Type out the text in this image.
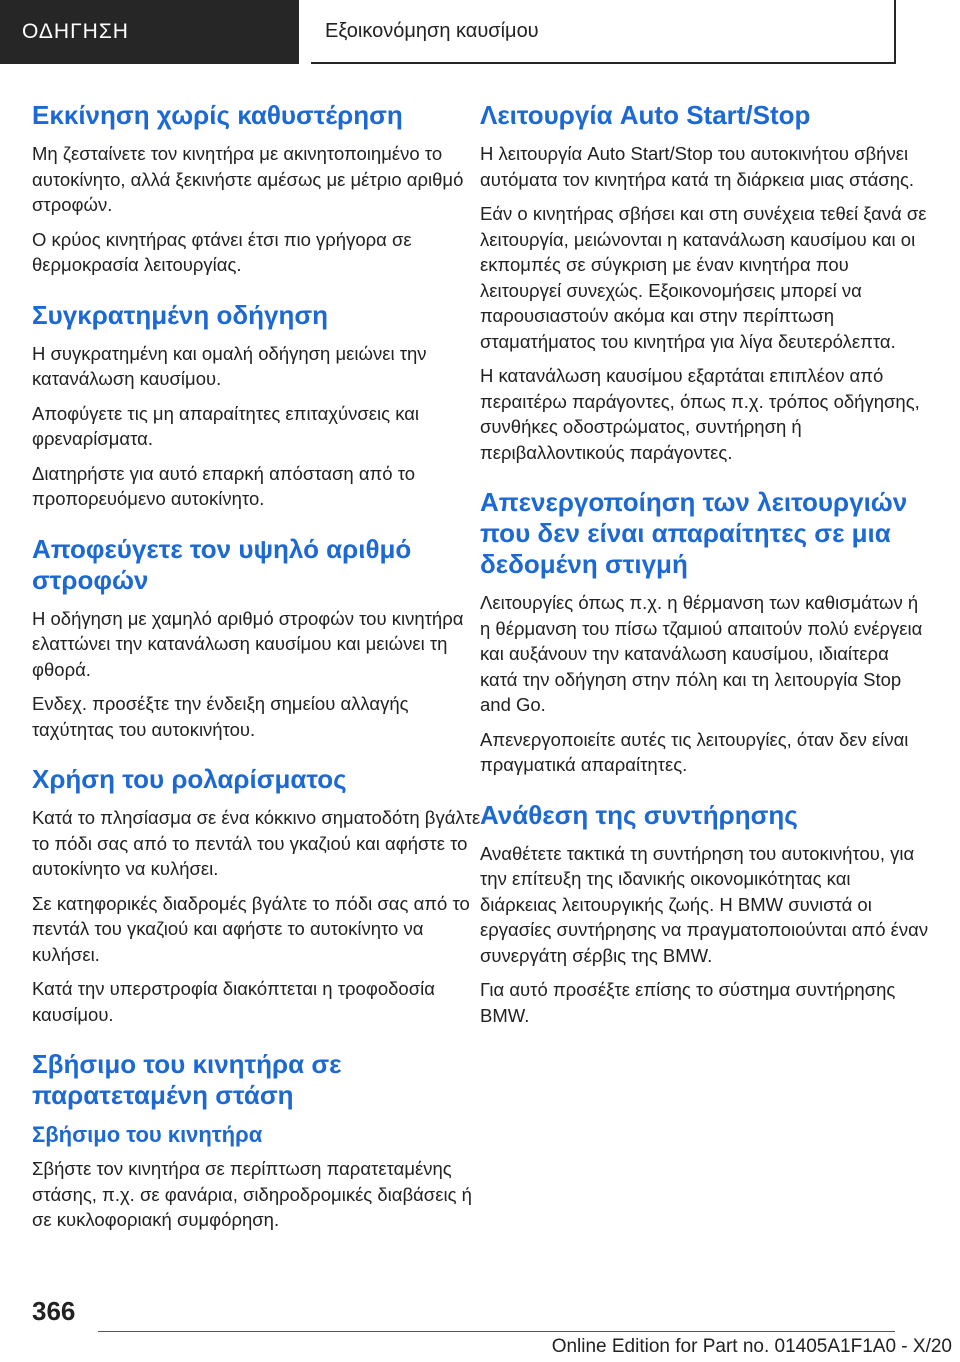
ΟΔΗΓΗΣΗ	Εξοικονόμηση καυσίμου
Εκκίνηση χωρίς καθυστέρηση

Μη ζεσταίνετε τον κινητήρα με ακινητοποιημένο το αυτοκίνητο, αλλά ξεκινήστε αμέσως με μέτριο αριθμό στροφών.

Ο κρύος κινητήρας φτάνει έτσι πιο γρήγορα σε θερμοκρασία λειτουργίας.

Συγκρατημένη οδήγηση

Η συγκρατημένη και ομαλή οδήγηση μειώνει την κατανάλωση καυσίμου.

Αποφύγετε τις μη απαραίτητες επιταχύνσεις και φρεναρίσματα.

Διατηρήστε για αυτό επαρκή απόσταση από το προπορευόμενο αυτοκίνητο.

Αποφεύγετε τον υψηλό αριθμό στροφών

Η οδήγηση με χαμηλό αριθμό στροφών του κινητήρα ελαττώνει την κατανάλωση καυσίμου και μειώνει τη φθορά.

Ενδεχ. προσέξτε την ένδειξη σημείου αλλαγής ταχύτητας του αυτοκινήτου.

Χρήση του ρολαρίσματος

Κατά το πλησίασμα σε ένα κόκκινο σηματοδότη βγάλτε το πόδι σας από το πεντάλ του γκαζιού και αφήστε το αυτοκίνητο να κυλήσει.

Σε κατηφορικές διαδρομές βγάλτε το πόδι σας από το πεντάλ του γκαζιού και αφήστε το αυτοκίνητο να κυλήσει.

Κατά την υπερστροφία διακόπτεται η τροφοδοσία καυσίμου.

Σβήσιμο του κινητήρα σε παρατεταμένη στάση
Σβήσιμο του κινητήρα

Σβήστε τον κινητήρα σε περίπτωση παρατεταμένης στάσης, π.χ. σε φανάρια, σιδηροδρομικές διαβάσεις ή σε κυκλοφοριακή συμφόρηση.

Λειτουργία Auto Start/Stop

Η λειτουργία Auto Start/Stop του αυτοκινήτου σβήνει αυτόματα τον κινητήρα κατά τη διάρκεια μιας στάσης.

Εάν ο κινητήρας σβήσει και στη συνέχεια τεθεί ξανά σε λειτουργία, μειώνονται η κατανάλωση καυσίμου και οι εκπομπές σε σύγκριση με έναν κινητήρα που λειτουργεί συνεχώς. Εξοικονομήσεις μπορεί να παρουσιαστούν ακόμα και στην περίπτωση σταματήματος του κινητήρα για λίγα δευτερόλεπτα.

Η κατανάλωση καυσίμου εξαρτάται επιπλέον από περαιτέρω παράγοντες, όπως π.χ. τρόπος οδήγησης, συνθήκες οδοστρώματος, συντήρηση ή περιβαλλοντικούς παράγοντες.

Απενεργοποίηση των λειτουργιών που δεν είναι απαραίτητες σε μια δεδομένη στιγμή

Λειτουργίες όπως π.χ. η θέρμανση των καθισμάτων ή η θέρμανση του πίσω τζαμιού απαιτούν πολύ ενέργεια και αυξάνουν την κατανάλωση καυσίμου, ιδιαίτερα κατά την οδήγηση στην πόλη και τη λειτουργία Stop and Go.

Απενεργοποιείτε αυτές τις λειτουργίες, όταν δεν είναι πραγματικά απαραίτητες.

Ανάθεση της συντήρησης

Αναθέτετε τακτικά τη συντήρηση του αυτοκινήτου, για την επίτευξη της ιδανικής οικονομικότητας και διάρκειας λειτουργικής ζωής. Η BMW συνιστά οι εργασίες συντήρησης να πραγματοποιούνται από έναν συνεργάτη σέρβις της BMW.

Για αυτό προσέξτε επίσης το σύστημα συντήρησης BMW.

366
Online Edition for Part no. 01405A1F1A0 - X/20
